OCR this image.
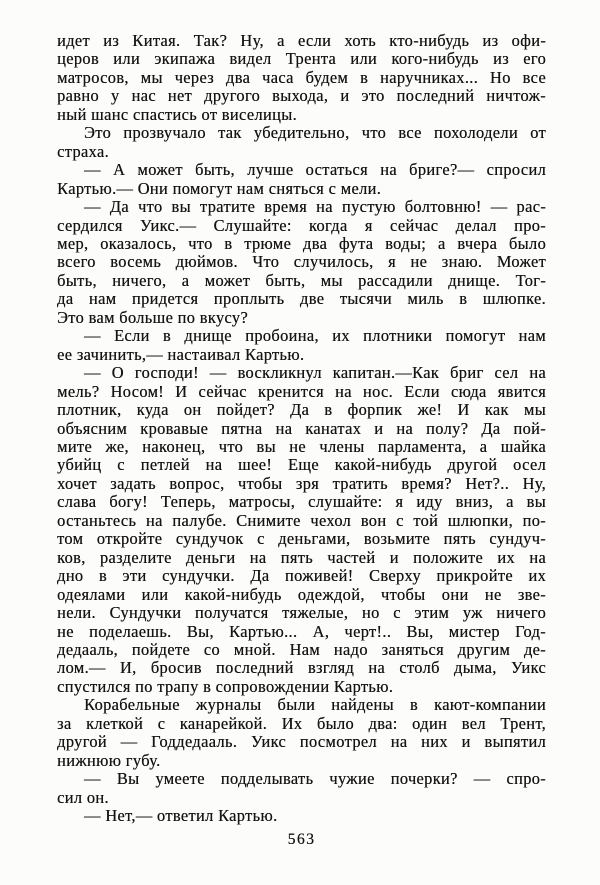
идет из Китая. Так? Ну, а если хоть кто-нибудь из офи-
церов или экипажа видел Трента или кого-нибудь из его
матросов, мы через два часа будем в наручниках... Но все
равно у нас нет другого выхода, и это последний ничтож-
ный шанс спастись от виселицы.
Это прозвучало так убедительно, что все похолодели от
страха.
— А может быть, лучше остаться на бриге?— спросил
Картью.— Они помогут нам сняться с мели.
— Да что вы тратите время на пустую болтовню! — рас-
сердился Уикс.— Слушайте: когда я сейчас делал про-
мер, оказалось, что в трюме два фута воды; а вчера было
всего восемь дюймов. Что случилось, я не знаю. Может
быть, ничего, а может быть, мы рассадили днище. Тог-
да нам придется проплыть две тысячи миль в шлюпке.
Это вам больше по вкусу?
— Если в днище пробоина, их плотники помогут нам
ее зачинить,— настаивал Картью.
— О господи! — воскликнул капитан.—Как бриг сел на
мель? Носом! И сейчас кренится на нос. Если сюда явится
плотник, куда он пойдет? Да в форпик же! И как мы
объясним кровавые пятна на канатах и на полу? Да пой-
мите же, наконец, что вы не члены парламента, а шайка
убийц с петлей на шее! Еще какой-нибудь другой осел
хочет задать вопрос, чтобы зря тратить время? Нет?.. Ну,
слава богу! Теперь, матросы, слушайте: я иду вниз, а вы
останьтесь на палубе. Снимите чехол вон с той шлюпки, по-
том откройте сундучок с деньгами, возьмите пять сундуч-
ков, разделите деньги на пять частей и положите их на
дно в эти сундучки. Да поживей! Сверху прикройте их
одеялами или какой-нибудь одеждой, чтобы они не зве-
нели. Сундучки получатся тяжелые, но с этим уж ничего
не поделаешь. Вы, Картью... А, черт!.. Вы, мистер Год-
дедааль, пойдете со мной. Нам надо заняться другим де-
лом.— И, бросив последний взгляд на столб дыма, Уикс
спустился по трапу в сопровождении Картью.
Корабельные журналы были найдены в кают-компании
за клеткой с канарейкой. Их было два: один вел Трент,
другой — Годдедааль. Уикс посмотрел на них и выпятил
нижнюю губу.
— Вы умеете подделывать чужие почерки? — спро-
сил он.
— Нет,— ответил Картью.
563
